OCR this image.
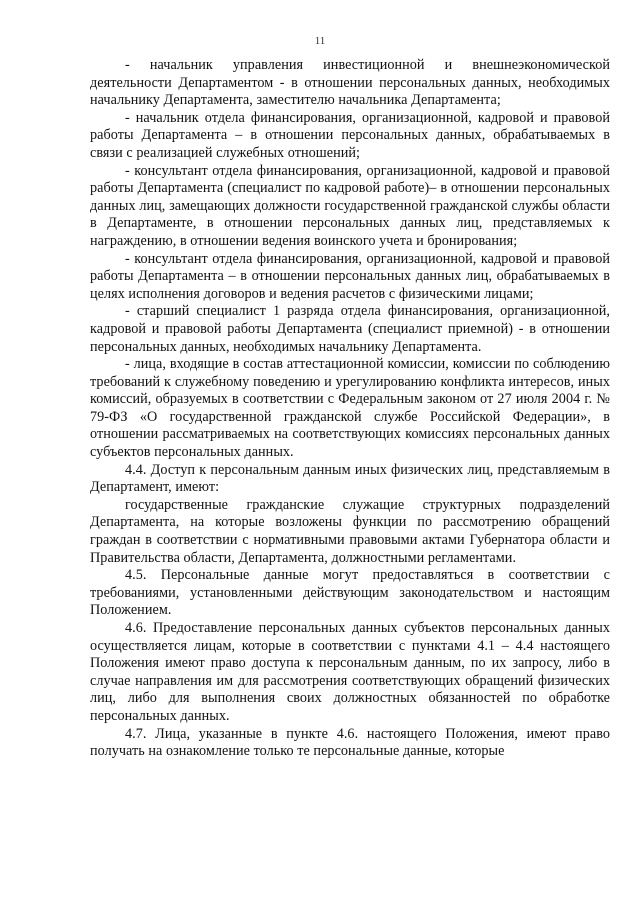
11

- начальник управления инвестиционной и внешнеэкономической деятельности Департаментом - в отношении персональных данных, необходимых начальнику Департамента, заместителю начальника Департамента;

- начальник отдела финансирования, организационной, кадровой и правовой работы Департамента – в отношении персональных данных, обрабатываемых в связи с реализацией служебных отношений;

- консультант отдела финансирования, организационной, кадровой и правовой работы Департамента (специалист по кадровой работе)– в отношении персональных данных лиц, замещающих должности государственной гражданской службы области в Департаменте, в отношении персональных данных лиц, представляемых к награждению, в отношении ведения воинского учета и бронирования;

- консультант отдела финансирования, организационной, кадровой и правовой работы Департамента – в отношении персональных данных лиц, обрабатываемых в целях исполнения договоров и ведения расчетов с физическими лицами;

- старший специалист 1 разряда отдела финансирования, организационной, кадровой и правовой работы Департамента (специалист приемной) - в отношении персональных данных, необходимых начальнику Департамента.

- лица, входящие в состав аттестационной комиссии, комиссии по соблюдению требований к служебному поведению и урегулированию конфликта интересов, иных комиссий, образуемых в соответствии с Федеральным законом от 27 июля 2004 г. № 79-ФЗ «О государственной гражданской службе Российской Федерации», в отношении рассматриваемых на соответствующих комиссиях персональных данных субъектов персональных данных.

4.4. Доступ к персональным данным иных физических лиц, представляемым в Департамент, имеют:

государственные гражданские служащие структурных подразделений Департамента, на которые возложены функции по рассмотрению обращений граждан в соответствии с нормативными правовыми актами Губернатора области и Правительства области, Департамента, должностными регламентами.

4.5. Персональные данные могут предоставляться в соответствии с требованиями, установленными действующим законодательством и настоящим Положением.

4.6. Предоставление персональных данных субъектов персональных данных осуществляется лицам, которые в соответствии с пунктами 4.1 – 4.4 настоящего Положения имеют право доступа к персональным данным, по их запросу, либо в случае направления им для рассмотрения соответствующих обращений физических лиц, либо для выполнения своих должностных обязанностей по обработке персональных данных.

4.7. Лица, указанные в пункте 4.6. настоящего Положения, имеют право получать на ознакомление только те персональные данные, которые
